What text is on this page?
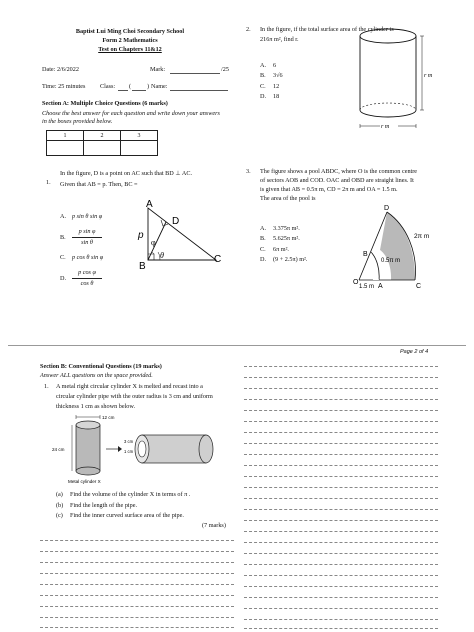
Baptist Lui Ming Choi Secondary School
Form 2 Mathematics
Test on Chapters 11&12
Date: 2/6/2022	Mark:	/25
Time: 25 minutes Class: (	) Name:
Section A: Multiple Choice Questions (6 marks)
Choose the best answer for each question and write down your answers
in the boxes provided below.
1	2	3

1.
In the figure, D is a point on AC such that BD ⊥ AC.
Given that AB = p. Then, BC =
A. p sin θ sin φ
B.
p sin φ
sin θ
C. p cos θ sin φ
D.
p cos φ
cos θ
A
D
p
φ
θ
B
C
2. In the figure, if the total surface area of the cylinder is
216π m², find r.
A. 6
B. 3√6
C. 12
D. 18
r m
r m
3. The figure shows a pool ABDC, where O is the common centre
of sectors AOB and COD. OAC and OBD are straight lines. It
is given that AB = 0.5π m, CD = 2π m and OA = 1.5 m.
The area of the pool is
A. 3.375π m².
B. 5.625π m².
C. 6π m².
D. (9 + 2.5π) m².
D
B
O
A	C
2π m
0.5π m
1.5 m
Page 2 of 4
Section B: Conventional Questions (19 marks)
Answer ALL questions on the space provided.
1. A metal right circular cylinder X is melted and recast into a
circular cylinder pipe with the outer radius is 3 cm and uniform
thickness 1 cm as shown below.
12 cm
24 cm
Metal cylinder X
3 cm
1 cm
(a) Find the volume of the cylinder X in terms of π .
(b) Find the length of the pipe.
(c) Find the inner curved surface area of the pipe.
(7 marks)
